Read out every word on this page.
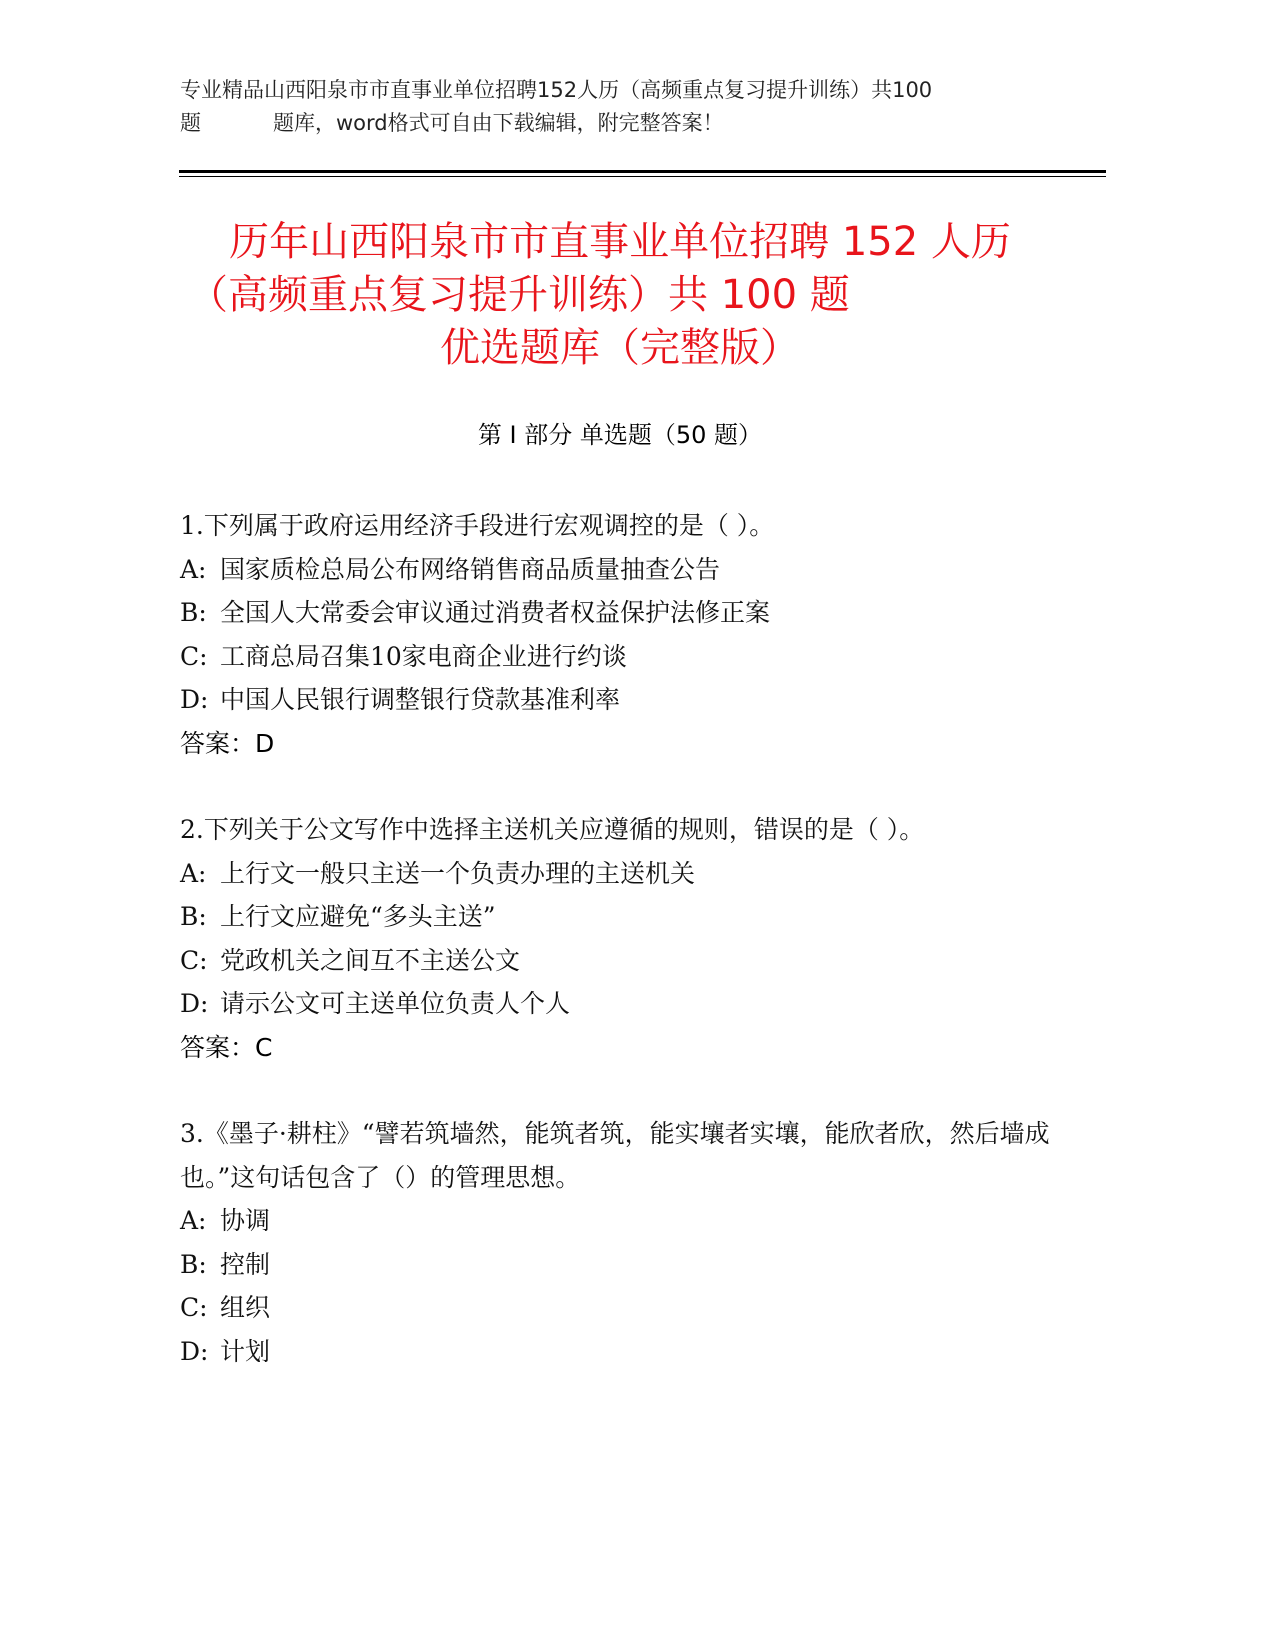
专业精品山西阳泉市市直事业单位招聘152人历（高频重点复习提升训练）共100
题	题库，word格式可自由下载编辑，附完整答案！
历年山西阳泉市市直事业单位招聘 152 人历
（高频重点复习提升训练）共 100 题
优选题库（完整版）
第 I 部分 单选题（50 题）

1.下列属于政府运用经济手段进行宏观调控的是（ ）。

A: 国家质检总局公布网络销售商品质量抽查公告

B: 全国人大常委会审议通过消费者权益保护法修正案

C: 工商总局召集10家电商企业进行约谈

D: 中国人民银行调整银行贷款基准利率

答案：D

2.下列关于公文写作中选择主送机关应遵循的规则，错误的是（ ）。

A: 上行文一般只主送一个负责办理的主送机关

B: 上行文应避免“多头主送”

C: 党政机关之间互不主送公文

D: 请示公文可主送单位负责人个人

答案：C

3.《墨子·耕柱》“譬若筑墙然，能筑者筑，能实壤者实壤，能欣者欣，然后墙成也。”这句话包含了（）的管理思想。

A: 协调

B: 控制

C: 组织

D: 计划
